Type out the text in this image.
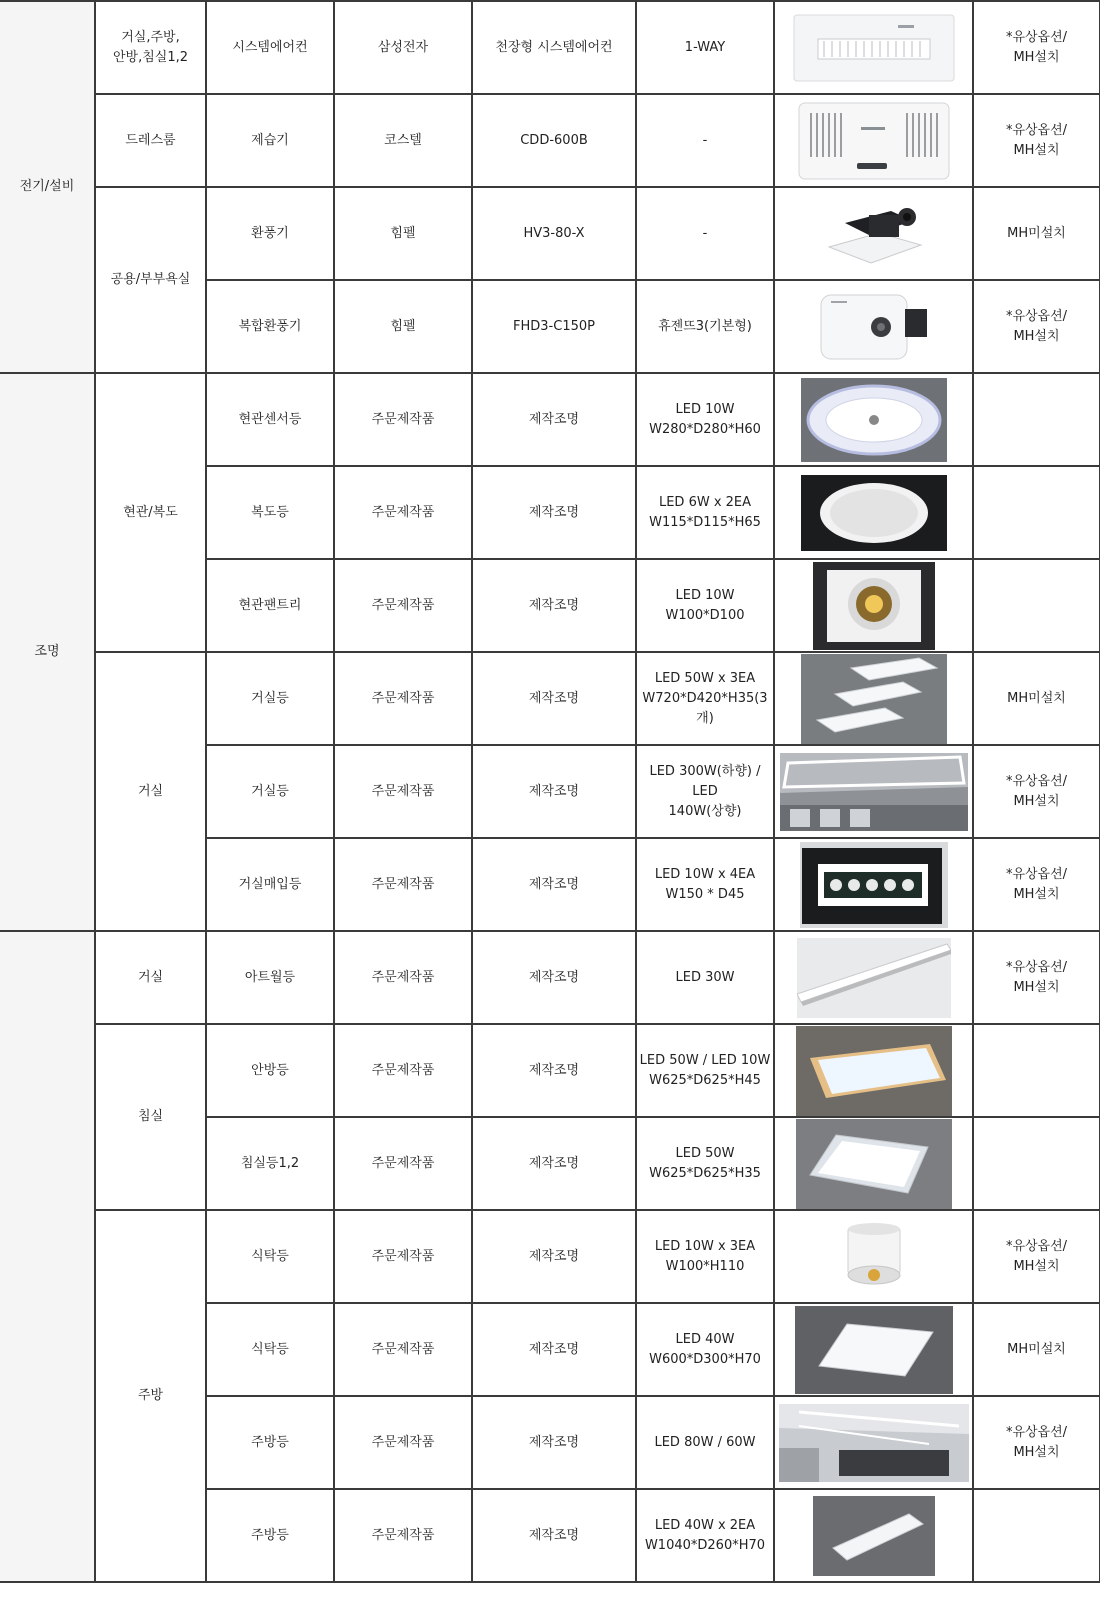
전기/설비	거실,주방,
안방,침실1,2	시스템에어컨	삼성전자	천장형 시스템에어컨	1-WAY		*유상옵션/
MH설치
	드레스룸	제습기	코스텔	CDD-600B	-		*유상옵션/
MH설치
	공용/부부욕실	환풍기	힘펠	HV3-80-X	-		MH미설치
		복합환풍기	힘펠	FHD3-C150P	휴젠뜨3(기본형)		*유상옵션/
MH설치
조명	현관/복도	현관센서등	주문제작품	제작조명	LED 10W
W280*D280*H60	

		복도등	주문제작품	제작조명	LED 6W x 2EA
W115*D115*H65	

		현관팬트리	주문제작품	제작조명	LED 10W
W100*D100	

	거실	거실등	주문제작품	제작조명	LED 50W x 3EA
W720*D420*H35(3개)		MH미설치
		거실등	주문제작품	제작조명	LED 300W(하향) / LED
140W(상향)		*유상옵션/
MH설치
		거실매입등	주문제작품	제작조명	LED 10W x 4EA
W150 * D45		*유상옵션/
MH설치
	거실	아트월등	주문제작품	제작조명	LED 30W		*유상옵션/
MH설치
	침실	안방등	주문제작품	제작조명	LED 50W / LED 10W
W625*D625*H45	

		침실등1,2	주문제작품	제작조명	LED 50W
W625*D625*H35	

	주방	식탁등	주문제작품	제작조명	LED 10W x 3EA
W100*H110		*유상옵션/
MH설치
		식탁등	주문제작품	제작조명	LED 40W
W600*D300*H70		MH미설치
		주방등	주문제작품	제작조명	LED 80W / 60W		*유상옵션/
MH설치
		주방등	주문제작품	제작조명	LED 40W x 2EA
W1040*D260*H70	
